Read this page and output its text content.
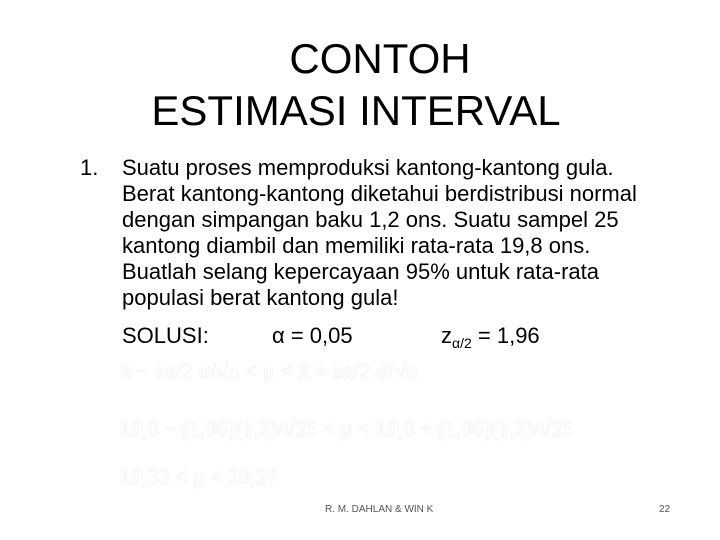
CONTOH
ESTIMASI INTERVAL
1. Suatu proses memproduksi kantong-kantong gula.
Berat kantong-kantong diketahui berdistribusi normal
dengan simpangan baku 1,2 ons. Suatu sampel 25
kantong diambil dan memiliki rata-rata 19,8 ons.
Buatlah selang kepercayaan 95% untuk rata-rata
populasi berat kantong gula!
SOLUSI:	α = 0,05	$z_{\alpha/2} = 1,96$
x̄ − zα/2 σ/√n < μ < x̄ + zα/2 σ/√n
19,8 − (1,96)(1,2)/√25 < μ < 19,8 + (1,96)(1,2)/√25
19,33 < μ < 20,27
R. M. DAHLAN & WIN K	22
